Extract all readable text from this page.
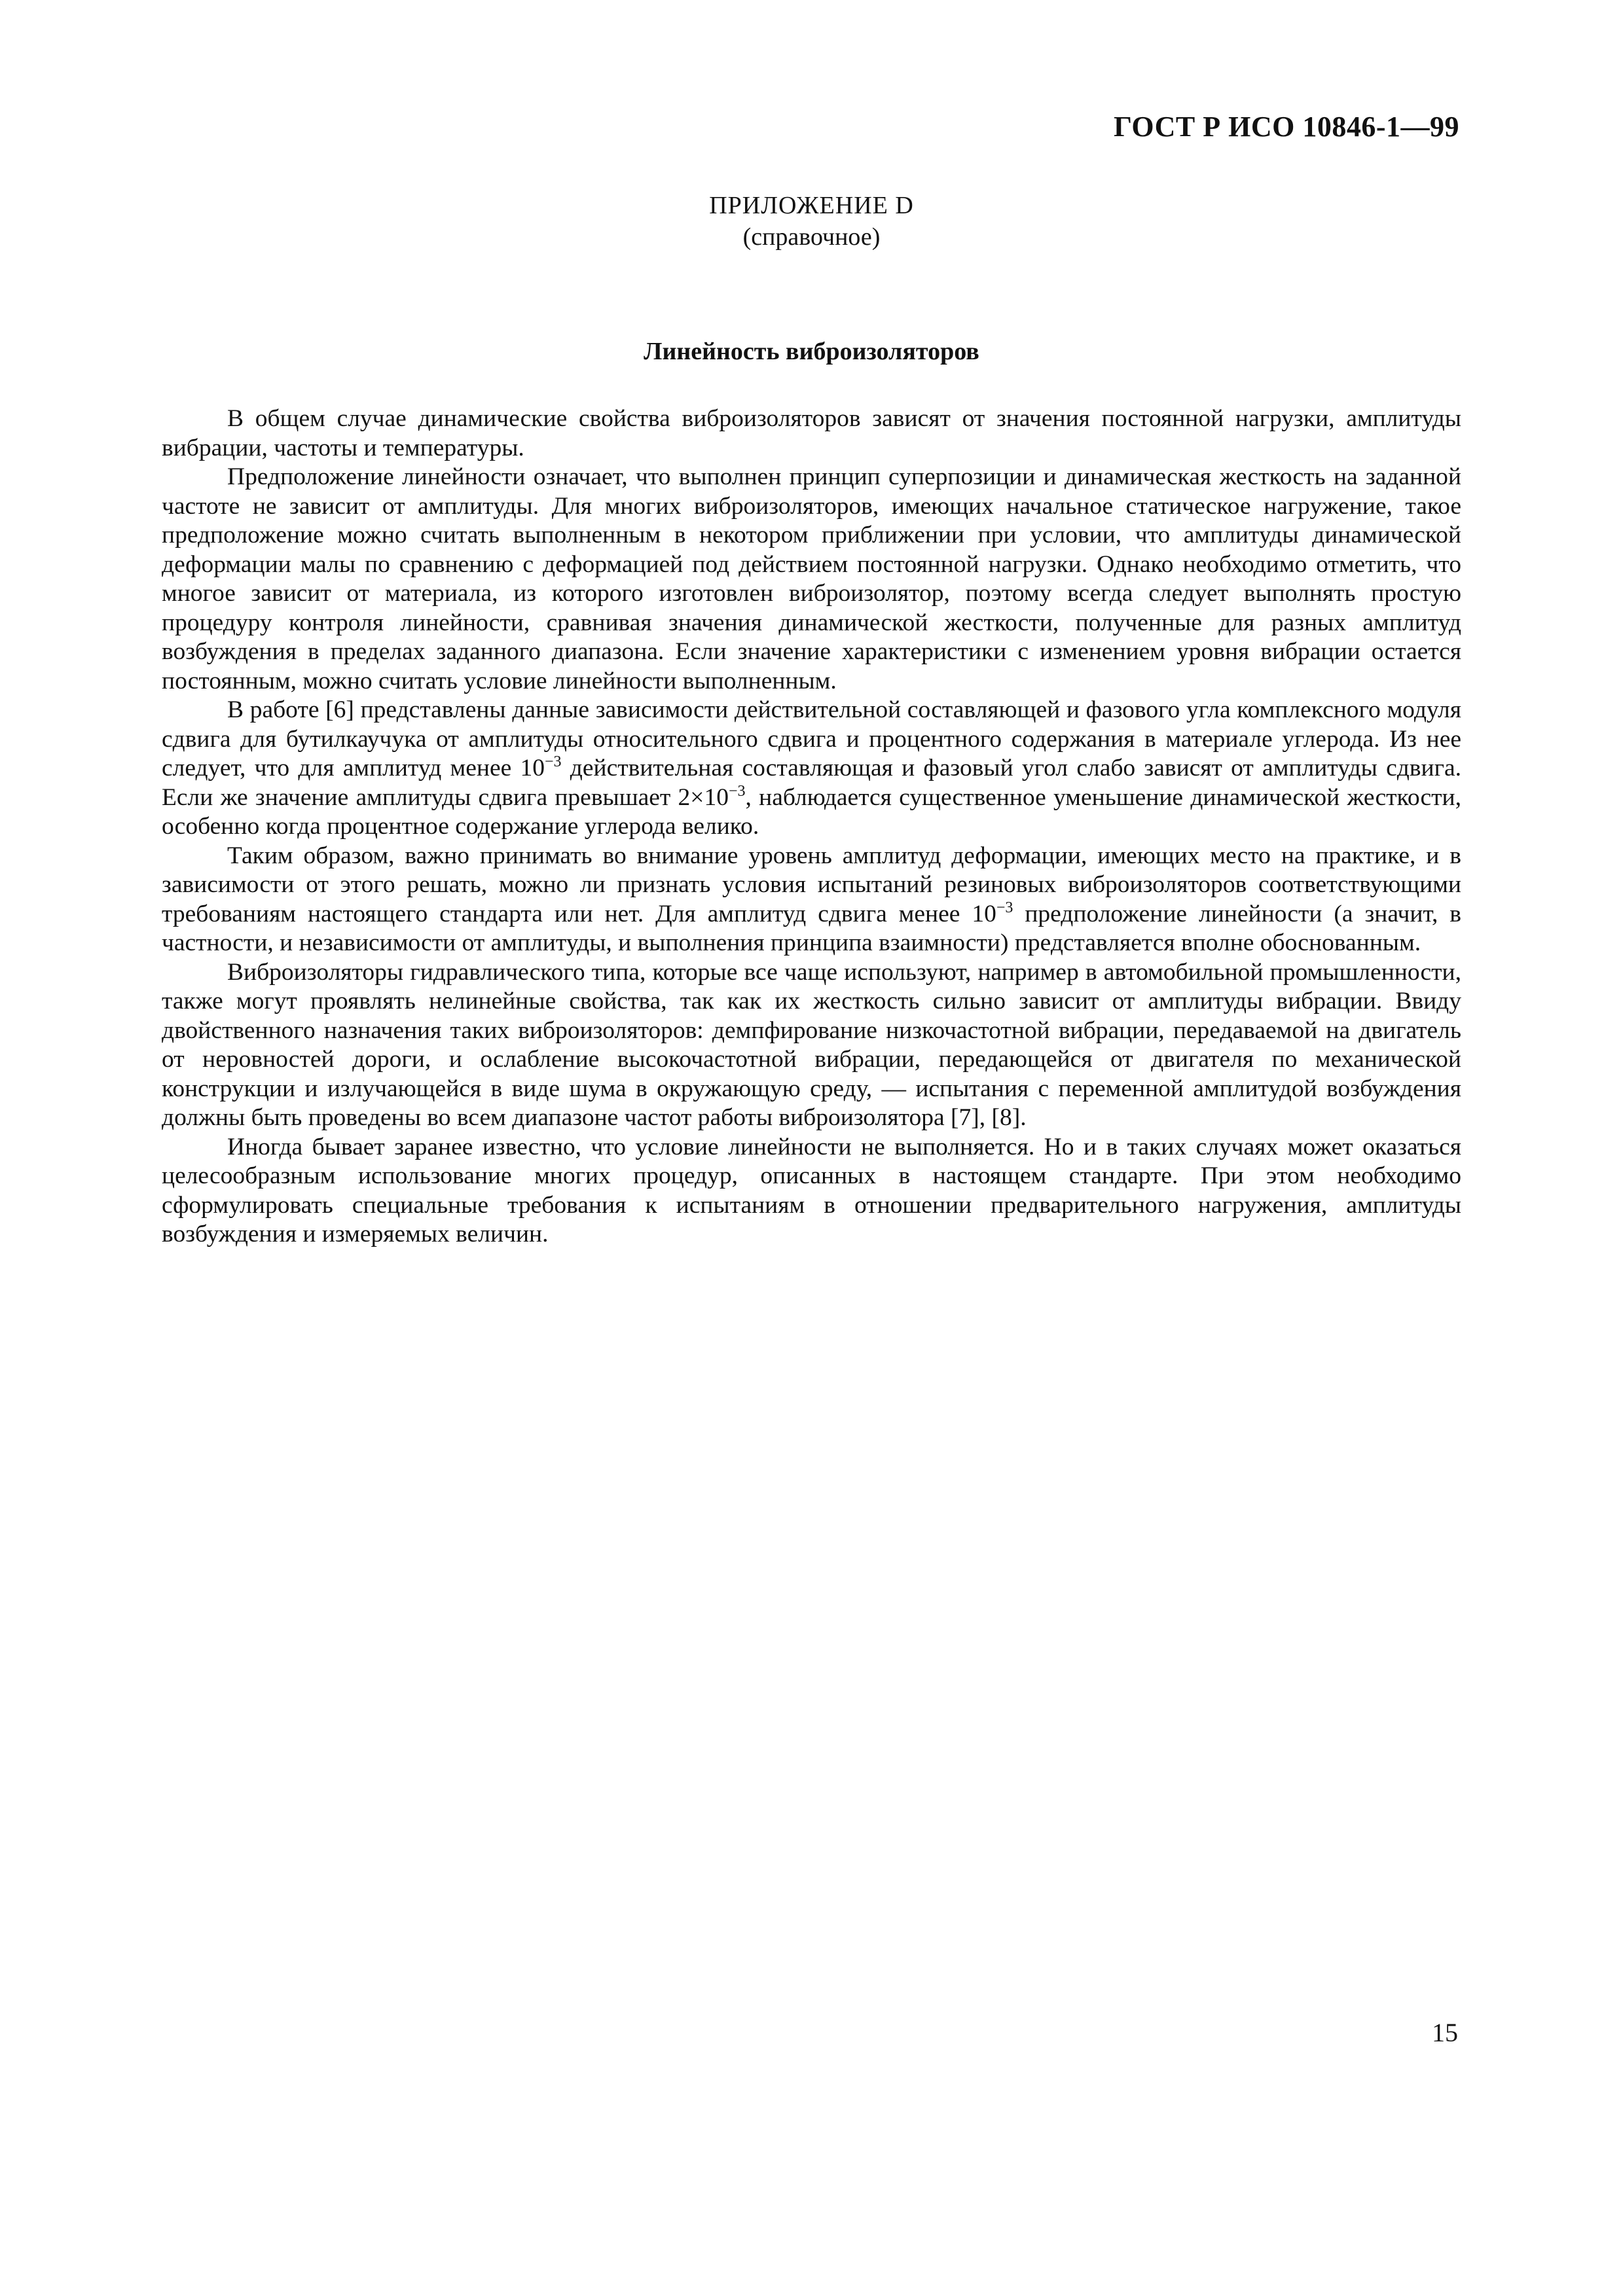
ГОСТ Р ИСО 10846-1—99
ПРИЛОЖЕНИЕ D
(справочное)
Линейность виброизоляторов

В общем случае динамические свойства виброизоляторов зависят от значения постоянной нагрузки, амплитуды вибрации, частоты и температуры.

Предположение линейности означает, что выполнен принцип суперпозиции и динамическая жесткость на заданной частоте не зависит от амплитуды. Для многих виброизоляторов, имеющих начальное статическое нагружение, такое предположение можно считать выполненным в некотором приближении при условии, что амплитуды динамической деформации малы по сравнению с деформацией под действием постоянной нагрузки. Однако необходимо отметить, что многое зависит от материала, из которого изготовлен виброизолятор, поэтому всегда следует выполнять простую процедуру контроля линейности, сравнивая значения динамической жесткости, полученные для разных амплитуд возбуждения в пределах заданного диапазона. Если значение характеристики с изменением уровня вибрации остается постоянным, можно считать условие линейности выполненным.

В работе [6] представлены данные зависимости действительной составляющей и фазового угла комплексного модуля сдвига для бутилкаучука от амплитуды относительного сдвига и процентного содержания в материале углерода. Из нее следует, что для амплитуд менее $10^{-3}$ действительная составляющая и фазовый угол слабо зависят от амплитуды сдвига. Если же значение амплитуды сдвига превышает $2\times 10^{-3}$, наблюдается существенное уменьшение динамической жесткости, особенно когда процентное содержание углерода велико.

Таким образом, важно принимать во внимание уровень амплитуд деформации, имеющих место на практике, и в зависимости от этого решать, можно ли признать условия испытаний резиновых виброизоляторов соответствующими требованиям настоящего стандарта или нет. Для амплитуд сдвига менее $10^{-3}$ предположение линейности (а значит, в частности, и независимости от амплитуды, и выполнения принципа взаимности) представляется вполне обоснованным.

Виброизоляторы гидравлического типа, которые все чаще используют, например в автомобильной промышленности, также могут проявлять нелинейные свойства, так как их жесткость сильно зависит от амплитуды вибрации. Ввиду двойственного назначения таких виброизоляторов: демпфирование низкочастотной вибрации, передаваемой на двигатель от неровностей дороги, и ослабление высокочастотной вибрации, передающейся от двигателя по механической конструкции и излучающейся в виде шума в окружающую среду, — испытания с переменной амплитудой возбуждения должны быть проведены во всем диапазоне частот работы виброизолятора [7], [8].

Иногда бывает заранее известно, что условие линейности не выполняется. Но и в таких случаях может оказаться целесообразным использование многих процедур, описанных в настоящем стандарте. При этом необходимо сформулировать специальные требования к испытаниям в отношении предварительного нагружения, амплитуды возбуждения и измеряемых величин.

15
